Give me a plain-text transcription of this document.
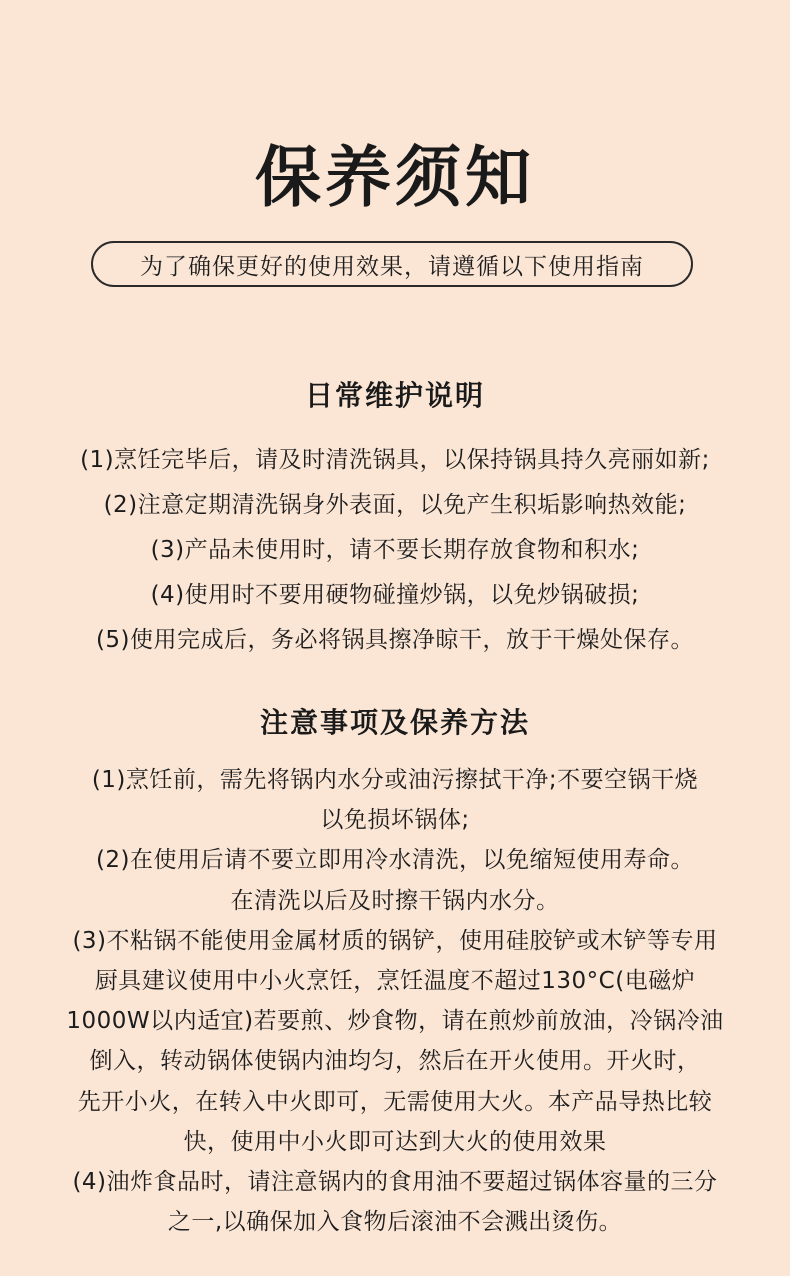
保养须知
为了确保更好的使用效果，请遵循以下使用指南
日常维护说明
(1)烹饪完毕后，请及时清洗锅具，以保持锅具持久亮丽如新;
(2)注意定期清洗锅身外表面，以免产生积垢影响热效能;
(3)产品未使用时，请不要长期存放食物和积水;
(4)使用时不要用硬物碰撞炒锅，以免炒锅破损;
(5)使用完成后，务必将锅具擦净晾干，放于干燥处保存。
注意事项及保养方法
(1)烹饪前，需先将锅内水分或油污擦拭干净;不要空锅干烧
以免损坏锅体;
(2)在使用后请不要立即用冷水清洗，以免缩短使用寿命。
在清洗以后及时擦干锅内水分。
(3)不粘锅不能使用金属材质的锅铲，使用硅胶铲或木铲等专用
厨具建议使用中小火烹饪，烹饪温度不超过130°C(电磁炉
1000W以内适宜)若要煎、炒食物，请在煎炒前放油，冷锅冷油
倒入，转动锅体使锅内油均匀，然后在开火使用。开火时，
先开小火，在转入中火即可，无需使用大火。本产品导热比较
快，使用中小火即可达到大火的使用效果
(4)油炸食品时，请注意锅内的食用油不要超过锅体容量的三分
之一,以确保加入食物后滚油不会溅出烫伤。
